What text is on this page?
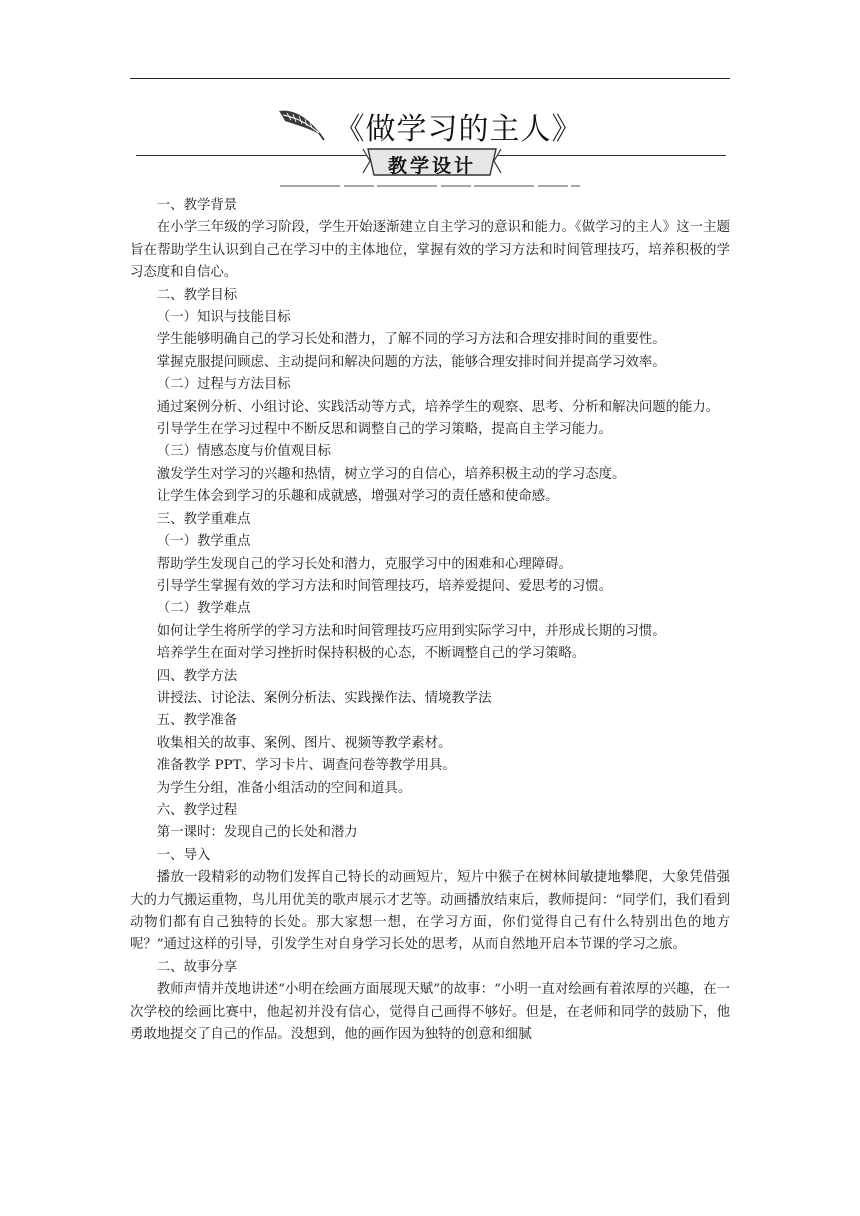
《做学习的主人》
教学设计

一、教学背景

在小学三年级的学习阶段，学生开始逐渐建立自主学习的意识和能力。《做学习的主人》这一主题旨在帮助学生认识到自己在学习中的主体地位，掌握有效的学习方法和时间管理技巧，培养积极的学习态度和自信心。

二、教学目标

（一）知识与技能目标

学生能够明确自己的学习长处和潜力，了解不同的学习方法和合理安排时间的重要性。

掌握克服提问顾虑、主动提问和解决问题的方法，能够合理安排时间并提高学习效率。

（二）过程与方法目标

通过案例分析、小组讨论、实践活动等方式，培养学生的观察、思考、分析和解决问题的能力。

引导学生在学习过程中不断反思和调整自己的学习策略，提高自主学习能力。

（三）情感态度与价值观目标

激发学生对学习的兴趣和热情，树立学习的自信心，培养积极主动的学习态度。

让学生体会到学习的乐趣和成就感，增强对学习的责任感和使命感。

三、教学重难点

（一）教学重点

帮助学生发现自己的学习长处和潜力，克服学习中的困难和心理障碍。

引导学生掌握有效的学习方法和时间管理技巧，培养爱提问、爱思考的习惯。

（二）教学难点

如何让学生将所学的学习方法和时间管理技巧应用到实际学习中，并形成长期的习惯。

培养学生在面对学习挫折时保持积极的心态，不断调整自己的学习策略。

四、教学方法

讲授法、讨论法、案例分析法、实践操作法、情境教学法

五、教学准备

收集相关的故事、案例、图片、视频等教学素材。

准备教学 PPT、学习卡片、调查问卷等教学用具。

为学生分组，准备小组活动的空间和道具。

六、教学过程

第一课时：发现自己的长处和潜力

一、导入

播放一段精彩的动物们发挥自己特长的动画短片，短片中猴子在树林间敏捷地攀爬，大象凭借强大的力气搬运重物，鸟儿用优美的歌声展示才艺等。动画播放结束后，教师提问：“同学们，我们看到动物们都有自己独特的长处。那大家想一想，在学习方面，你们觉得自己有什么特别出色的地方呢？”通过这样的引导，引发学生对自身学习长处的思考，从而自然地开启本节课的学习之旅。

二、故事分享

教师声情并茂地讲述“小明在绘画方面展现天赋”的故事：“小明一直对绘画有着浓厚的兴趣，在一次学校的绘画比赛中，他起初并没有信心，觉得自己画得不够好。但是，在老师和同学的鼓励下，他勇敢地提交了自己的作品。没想到，他的画作因为独特的创意和细腻
